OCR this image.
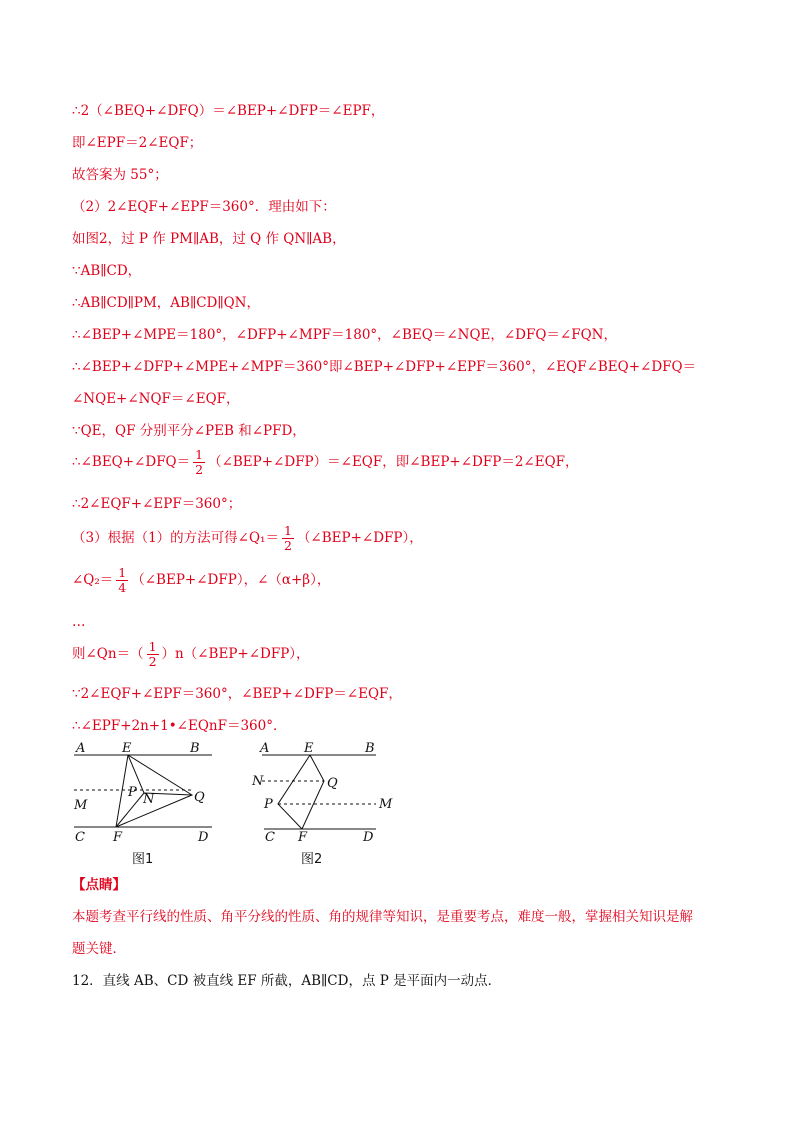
∴2（∠BEQ+∠DFQ）＝∠BEP+∠DFP＝∠EPF，
即∠EPF＝2∠EQF；
故答案为 55°；
（2）2∠EQF+∠EPF＝360°．理由如下：
如图2，过 P 作 PM∥AB，过 Q 作 QN∥AB，
∵AB∥CD，
∴AB∥CD∥PM，AB∥CD∥QN，
∴∠BEP+∠MPE＝180°，∠DFP+∠MPF＝180°，∠BEQ＝∠NQE，∠DFQ＝∠FQN，
∴∠BEP+∠DFP+∠MPE+∠MPF＝360°即∠BEP+∠DFP+∠EPF＝360°，∠EQF∠BEQ+∠DFQ＝
∠NQE+∠NQF＝∠EQF，
∵QE，QF 分别平分∠PEB 和∠PFD，
∴∠BEQ+∠DFQ＝ $\frac{1}{2}$ （∠BEP+∠DFP）＝∠EQF，即∠BEP+∠DFP＝2∠EQF，
∴2∠EQF+∠EPF＝360°；
（3）根据（1）的方法可得∠Q₁＝ $\frac{1}{2}$ （∠BEP+∠DFP），
∠Q₂＝ $\frac{1}{4}$ （∠BEP+∠DFP），∠（α+β），
…
则∠Qn＝（ $\frac{1}{2}$ ）n（∠BEP+∠DFP），
∵2∠EQF+∠EPF＝360°，∠BEP+∠DFP＝∠EQF，
∴∠EPF+2n+1•∠EQnF＝360°．
A	E	B
P N	Q
M
C F	D
图1
A	E	B
N	Q
P	M
C F	D
图2
【点睛】
本题考查平行线的性质、角平分线的性质、角的规律等知识，是重要考点，难度一般，掌握相关知识是解
题关键．
12．直线 AB、CD 被直线 EF 所截，AB∥CD，点 P 是平面内一动点．
